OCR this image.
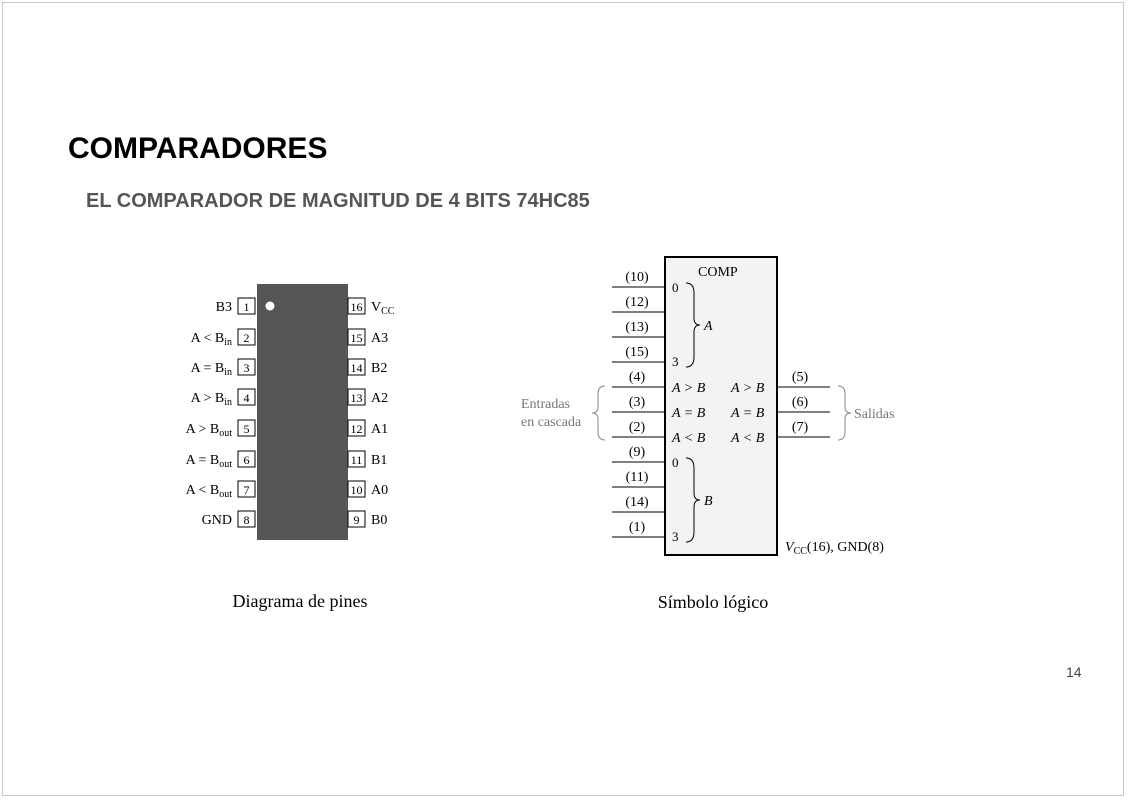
COMPARADORES
EL COMPARADOR DE MAGNITUD DE 4 BITS 74HC85
14
1
B3
2
$A < B_{in}$
3
$A = B_{in}$
4
$A > B_{in}$
5
$A > B_{out}$
6
$A = B_{out}$
7
$A < B_{out}$
8
GND
16 $V_{CC}$
15 A3
14 B2
13 A2
12 A1
11 B1
10 A0
9 B0
Diagrama de pines
COMP
(10)
(12)
(13)
(15)
(4)
(3)
(2)
(9)
(11)
(14)
(1)
(5)
(6)
(7)
0
3
A
0
3
B
A > B
A = B
A < B
A > B
A = B
A < B
Entradas
en cascada
Salidas
$V_{CC}(16)$, GND(8)
Símbolo lógico
